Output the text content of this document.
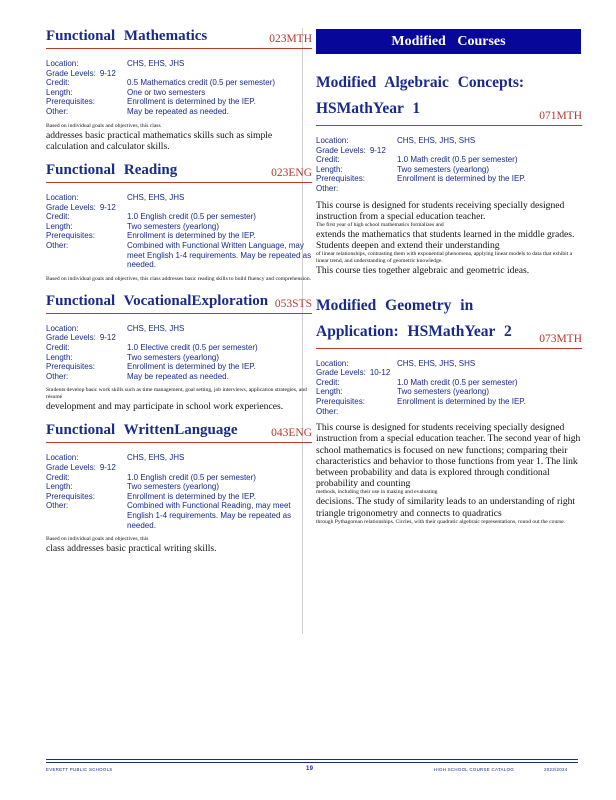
Functional Mathematics	023MTH
Location:	CHS, EHS, JHS
Grade Levels: 9-12
Credit:	0.5 Mathematics credit (0.5 per semester)
Length:	One or two semesters
Prerequisites:	Enrollment is determined by the IEP.
Other:	May be repeated as needed.
Based on individual goals and objectives, this class
addresses basic practical mathematics skills such as simple calculation and calculator skills.
Functional Reading	023ENG
Location:	CHS, EHS, JHS
Grade Levels: 9-12
Credit:	1.0 English credit (0.5 per semester)
Length:	Two semesters (yearlong)
Prerequisites:	Enrollment is determined by the IEP.
Other:	Combined with Functional Written Language, may meet English 1-4 requirements. May be repeated as needed.
Based on individual goals and objectives, this class addresses basic reading skills to build fluency and comprehension.
Functional VocationalExploration 053STS
Location:	CHS, EHS, JHS
Grade Levels: 9-12
Credit:	1.0 Elective credit (0.5 per semester)
Length:	Two semesters (yearlong)
Prerequisites:	Enrollment is determined by the IEP.
Other:	May be repeated as needed.
Students develop basic work skills such as time management, goal setting, job interviews, application strategies, and résumé
development and may participate in school work experiences.
Functional WrittenLanguage	043ENG
Location:	CHS, EHS, JHS
Grade Levels: 9-12
Credit:	1.0 English credit (0.5 per semester)
Length:	Two semesters (yearlong)
Prerequisites:	Enrollment is determined by the IEP.
Other:	Combined with Functional Reading, may meet English 1-4 requirements. May be repeated as needed.
Based on individual goals and objectives, this
class addresses basic practical writing skills.
Modified Courses
Modified Algebraic Concepts: HSMathYear 1	071MTH
Location:	CHS, EHS, JHS, SHS
Grade Levels: 9-12
Credit:	1.0 Math credit (0.5 per semester)
Length:	Two semesters (yearlong)
Prerequisites:	Enrollment is determined by the IEP.
Other:
This course is designed for students receiving specially designed instruction from a special education teacher.
The first year of high school mathematics formalizes and
extends the mathematics that students learned in the middle grades. Students deepen and extend their understanding
of linear relationships, contrasting them with exponential phenomena, applying linear models to data that exhibit a linear trend, and understanding of geometric knowledge.
This course ties together algebraic and geometric ideas.
Modified Geometry in Application: HSMathYear 2	073MTH
Location:	CHS, EHS, JHS, SHS
Grade Levels: 10-12
Credit:	1.0 Math credit (0.5 per semester)
Length:	Two semesters (yearlong)
Prerequisites:	Enrollment is determined by the IEP.
Other:
This course is designed for students receiving specially designed instruction from a special education teacher. The second year of high school mathematics is focused on new functions; comparing their characteristics and behavior to those functions from year 1. The link between probability and data is explored through conditional probability and counting
methods, including their use in making and evaluating
decisions. The study of similarity leads to an understanding of right triangle trigonometry and connects to quadratics
through Pythagorean relationships. Circles, with their quadratic algebraic representations, round out the course.
EVERETT PUBLIC SCHOOLS	19	HIGH SCHOOL COURSE CATALOG	2023/2024
